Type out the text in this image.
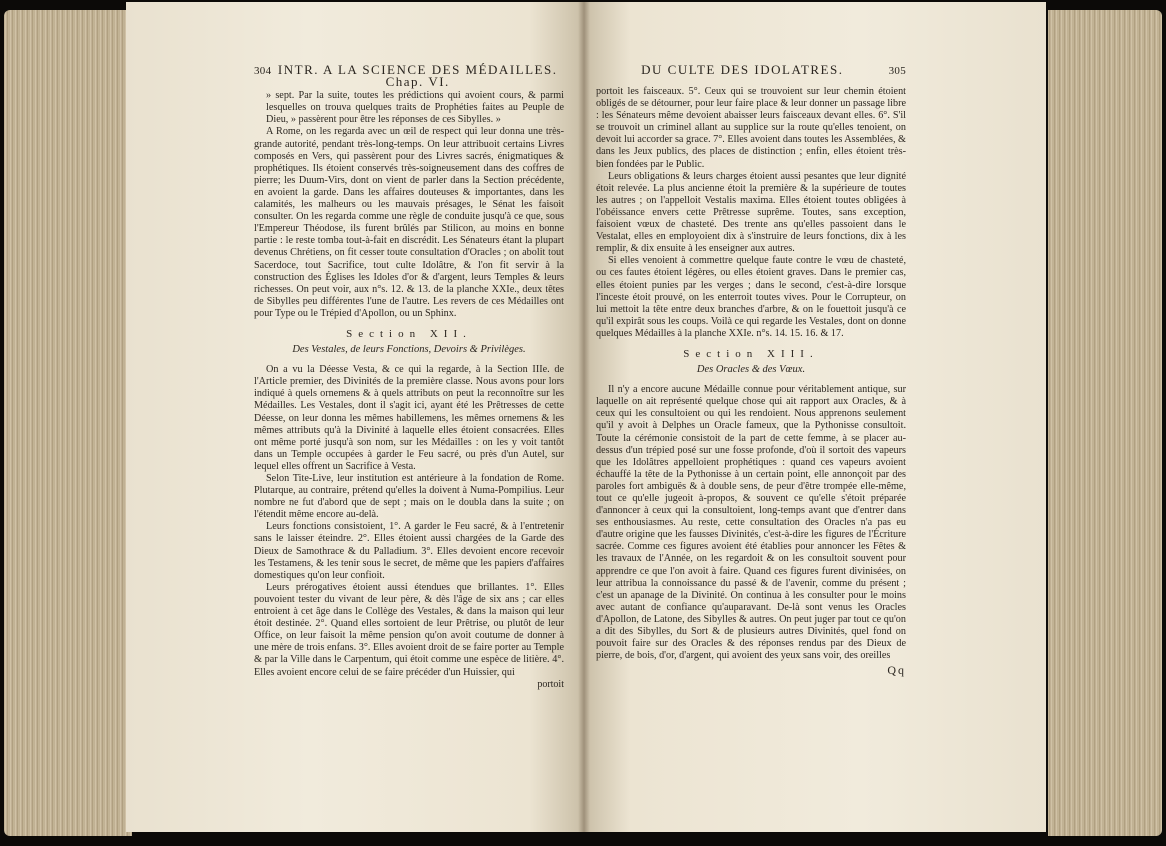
304 INTR. A LA SCIENCE DES MÉDAILLES. Chap. VI.

» sept. Par la suite, toutes les prédictions qui avoient cours, & parmi lesquelles on trouva quelques traits de Prophéties faites au Peuple de Dieu, » passèrent pour être les réponses de ces Sibylles. »

A Rome, on les regarda avec un œil de respect qui leur donna une très-grande autorité, pendant très-long-temps. On leur attribuoit certains Livres composés en Vers, qui passèrent pour des Livres sacrés, énigmatiques & prophétiques. Ils étoient conservés très-soigneusement dans des coffres de pierre; les Duum-Virs, dont on vient de parler dans la Section précédente, en avoient la garde. Dans les affaires douteuses & importantes, dans les calamités, les malheurs ou les mauvais présages, le Sénat les faisoit consulter. On les regarda comme une règle de conduite jusqu'à ce que, sous l'Empereur Théodose, ils furent brûlés par Stilicon, au moins en bonne partie : le reste tomba tout-à-fait en discrédit. Les Sénateurs étant la plupart devenus Chrétiens, on fit cesser toute consultation d'Oracles ; on abolit tout Sacerdoce, tout Sacrifice, tout culte Idolâtre, & l'on fit servir à la construction des Églises les Idoles d'or & d'argent, leurs Temples & leurs richesses. On peut voir, aux n°s. 12. & 13. de la planche XXIe., deux têtes de Sibylles peu différentes l'une de l'autre. Les revers de ces Médailles ont pour Type ou le Trépied d'Apollon, ou un Sphinx.

Section XII.
Des Vestales, de leurs Fonctions, Devoirs & Privilèges.

On a vu la Déesse Vesta, & ce qui la regarde, à la Section IIIe. de l'Article premier, des Divinités de la première classe. Nous avons pour lors indiqué à quels ornemens & à quels attributs on peut la reconnoître sur les Médailles. Les Vestales, dont il s'agit ici, ayant été les Prêtresses de cette Déesse, on leur donna les mêmes habillemens, les mêmes ornemens & les mêmes attributs qu'à la Divinité à laquelle elles étoient consacrées. Elles ont même porté jusqu'à son nom, sur les Médailles : on les y voit tantôt dans un Temple occupées à garder le Feu sacré, ou près d'un Autel, sur lequel elles offrent un Sacrifice à Vesta.

Selon Tite-Live, leur institution est antérieure à la fondation de Rome. Plutarque, au contraire, prétend qu'elles la doivent à Numa-Pompilius. Leur nombre ne fut d'abord que de sept ; mais on le doubla dans la suite ; on l'étendit même encore au-delà.

Leurs fonctions consistoient, 1°. A garder le Feu sacré, & à l'entretenir sans le laisser éteindre. 2°. Elles étoient aussi chargées de la Garde des Dieux de Samothrace & du Palladium. 3°. Elles devoient encore recevoir les Testamens, & les tenir sous le secret, de même que les papiers d'affaires domestiques qu'on leur confioit.

Leurs prérogatives étoient aussi étendues que brillantes. 1°. Elles pouvoient tester du vivant de leur père, & dès l'âge de six ans ; car elles entroient à cet âge dans le Collège des Vestales, & dans la maison qui leur étoit destinée. 2°. Quand elles sortoient de leur Prêtrise, ou plutôt de leur Office, on leur faisoit la même pension qu'on avoit coutume de donner à une mère de trois enfans. 3°. Elles avoient droit de se faire porter au Temple & par la Ville dans le Carpentum, qui étoit comme une espèce de litière. 4°. Elles avoient encore celui de se faire précéder d'un Huissier, qui

portoit
DU CULTE DES IDOLATRES.	305

portoit les faisceaux. 5°. Ceux qui se trouvoient sur leur chemin étoient obligés de se détourner, pour leur faire place & leur donner un passage libre : les Sénateurs même devoient abaisser leurs faisceaux devant elles. 6°. S'il se trouvoit un criminel allant au supplice sur la route qu'elles tenoient, on devoit lui accorder sa grace. 7°. Elles avoient dans toutes les Assemblées, & dans les Jeux publics, des places de distinction ; enfin, elles étoient très-bien fondées par le Public.

Leurs obligations & leurs charges étoient aussi pesantes que leur dignité étoit relevée. La plus ancienne étoit la première & la supérieure de toutes les autres ; on l'appelloit Vestalis maxima. Elles étoient toutes obligées à l'obéissance envers cette Prêtresse suprême. Toutes, sans exception, faisoient vœux de chasteté. Des trente ans qu'elles passoient dans le Vestalat, elles en employoient dix à s'instruire de leurs fonctions, dix à les remplir, & dix ensuite à les enseigner aux autres.

Si elles venoient à commettre quelque faute contre le vœu de chasteté, ou ces fautes étoient légères, ou elles étoient graves. Dans le premier cas, elles étoient punies par les verges ; dans le second, c'est-à-dire lorsque l'inceste étoit prouvé, on les enterroit toutes vives. Pour le Corrupteur, on lui mettoit la tête entre deux branches d'arbre, & on le fouettoit jusqu'à ce qu'il expirât sous les coups. Voilà ce qui regarde les Vestales, dont on donne quelques Médailles à la planche XXIe. n°s. 14. 15. 16. & 17.

Section XIII.
Des Oracles & des Vœux.

Il n'y a encore aucune Médaille connue pour véritablement antique, sur laquelle on ait représenté quelque chose qui ait rapport aux Oracles, & à ceux qui les consultoient ou qui les rendoient. Nous apprenons seulement qu'il y avoit à Delphes un Oracle fameux, que la Pythonisse consultoit. Toute la cérémonie consistoit de la part de cette femme, à se placer au-dessus d'un trépied posé sur une fosse profonde, d'où il sortoit des vapeurs que les Idolâtres appelloient prophétiques : quand ces vapeurs avoient échauffé la tête de la Pythonisse à un certain point, elle annonçoit par des paroles fort ambiguës & à double sens, de peur d'être trompée elle-même, tout ce qu'elle jugeoit à-propos, & souvent ce qu'elle s'étoit préparée d'annoncer à ceux qui la consultoient, long-temps avant que d'entrer dans ses enthousiasmes. Au reste, cette consultation des Oracles n'a pas eu d'autre origine que les fausses Divinités, c'est-à-dire les figures de l'Écriture sacrée. Comme ces figures avoient été établies pour annoncer les Fêtes & les travaux de l'Année, on les regardoit & on les consultoit souvent pour apprendre ce que l'on avoit à faire. Quand ces figures furent divinisées, on leur attribua la connoissance du passé & de l'avenir, comme du présent ; c'est un apanage de la Divinité. On continua à les consulter pour le moins avec autant de confiance qu'auparavant. De-là sont venus les Oracles d'Apollon, de Latone, des Sibylles & autres. On peut juger par tout ce qu'on a dit des Sibylles, du Sort & de plusieurs autres Divinités, quel fond on pouvoit faire sur des Oracles & des réponses rendus par des Dieux de pierre, de bois, d'or, d'argent, qui avoient des yeux sans voir, des oreilles

Qq
